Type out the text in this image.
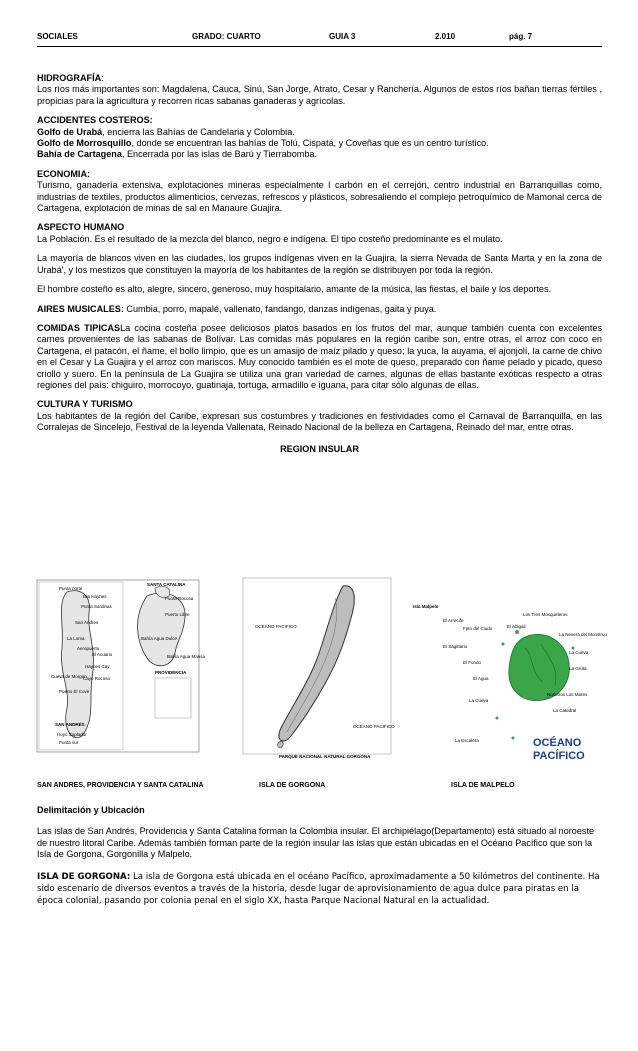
SOCIALES	GRADO: CUARTO	GUIA 3	2.010	pág. 7
HIDROGRAFÍA:
Los ríos más importantes son: Magdalena, Cauca, Sinú, San Jorge, Atrato, Cesar y Ranchería. Algunos de estos ríos bañan tierras fértiles , propicias para la agricultura y recorren ricas sabanas ganaderas y agrícolas.
ACCIDENTES COSTEROS:
Golfo de Urabá, encierra las Bahías de Candelaria y Colombia.
Golfo de Morrosquillo, donde se encuentran las bahías de Tolú, Cispatá, y Coveñas que es un centro turístico.
Bahía de Cartagena, Encerrada por las islas de Barú y Tierrabomba.
ECONOMIA:
Turismo, ganadería extensiva, explotaciones mineras especialmente l carbón en el cerrejón, centro industrial en Barranquillas como, industrias de textiles, productos alimenticios, cervezas, refrescos y plásticos, sobresaliendo el complejo petroquímico de Mamonal cerca de Cartagena, explotación de minas de sal en Manaure Guajira.
ASPECTO HUMANO

La Población. Es el resultado de la mezcla del blanco, negro e indígena. El tipo costeño predominante es el mulato.

La mayoría de blancos viven en las ciudades, los grupos indígenas viven en la Guajira, la sierra Nevada de Santa Marta y en la zona de Urabá', y los mestizos que constituyen la mayoría de los habitantes de la región se distribuyen por toda la región.

El hombre costeño es alto, alegre, sincero, generoso, muy hospitalario, amante de la música, las fiestas, el baile y los deportes.

AIRES MUSICALES: Cumbia, porro, mapalé, vallenato, fandango, danzas indígenas, gaita y puya.
COMIDAS TIPICASLa cocina costeña posee deliciosos platos basados en los frutos del mar, aunque también cuenta con excelentes carnes provenientes de las sabanas de Bolívar. Las comidas más populares en la región caribe son, entre otras, el arroz con coco en Cartagena, el patacón, el ñame, el bollo limpio, que es un amasijo de maíz pilado y queso; la yuca, la auyama, el ajonjolí, la carne de chivo en el Cesar y La Guajira y el arroz con mariscos. Muy conocido también es el mote de queso, preparado con ñame pelado y picado, queso criollo y suero. En la península de La Guajira se utiliza una gran variedad de carnes, algunas de ellas bastante exóticas respecto a otras regiones del país: chiguiro, morrocoyo, guatinaja, tortuga, armadillo e iguana, para citar sólo algunas de ellas.
CULTURA Y TURISMO
Los habitantes de la región del Caribe, expresan sus costumbres y tradiciones en festividades como el Carnaval de Barranquilla, en las Corralejas de Sincelejo, Festival de la leyenda Vallenata, Reinado Nacional de la belleza en Cartagena, Reinado del mar, entre otras.
REGION INSULAR
PROVIDENCIA
Punta norte
Isla Haynes
Punta Sardinas
San Andres
La Loma
Aeropuerto
El Acuario
Haynes Cay
Cueva de Morgan
Cayo Rocoso
Puerto El Cove
Hoyo Soplador
Punta sur
SAN ANDRÉS
SANTA CATALINA
Punta Rocosa
Puerto Libre
Bahía Agua Dulce
Bahía Agua Mansa
OCEANO PACIFICO
OCEANO PACIFICO
PARQUE NACIONAL NATURAL GORGONA
Isla Malpelo
Los Tres Mosqueteros
El Arrecife
Fpto del Ciudo	El Abigail
La Nevera del Monstruo
El Sagittario
La Cueva
El Fondo
La Gruta
El Agua
Nosotros Los Mares
La Cueva
La Catedral
La Escalera	OCÉANO
PACÍFICO
SAN ANDRES, PROVIDENCIA Y SANTA CATALINA	ISLA DE GORGONA	ISLA DE MALPELO
Delimitación y Ubicación

Las islas de San Andrés, Providencia y Santa Catalina forman la Colombia insular. El archipiélago(Departamento) está situado al noroeste de nuestro litoral Caribe. Además también forman parte de la región insular las islas que están ubicadas en el Océano Pacífico que son la Isla de Gorgona, Gorgonilla y Malpelo.

ISLA DE GORGONA: La isla de Gorgona está ubicada en el océano Pacífico, aproximadamente a 50 kilómetros del continente. Ha sido escenario de diversos eventos a través de la historia, desde lugar de aprovisionamiento de agua dulce para piratas en la época colonial, pasando por colonia penal en el siglo XX, hasta Parque Nacional Natural en la actualidad.
